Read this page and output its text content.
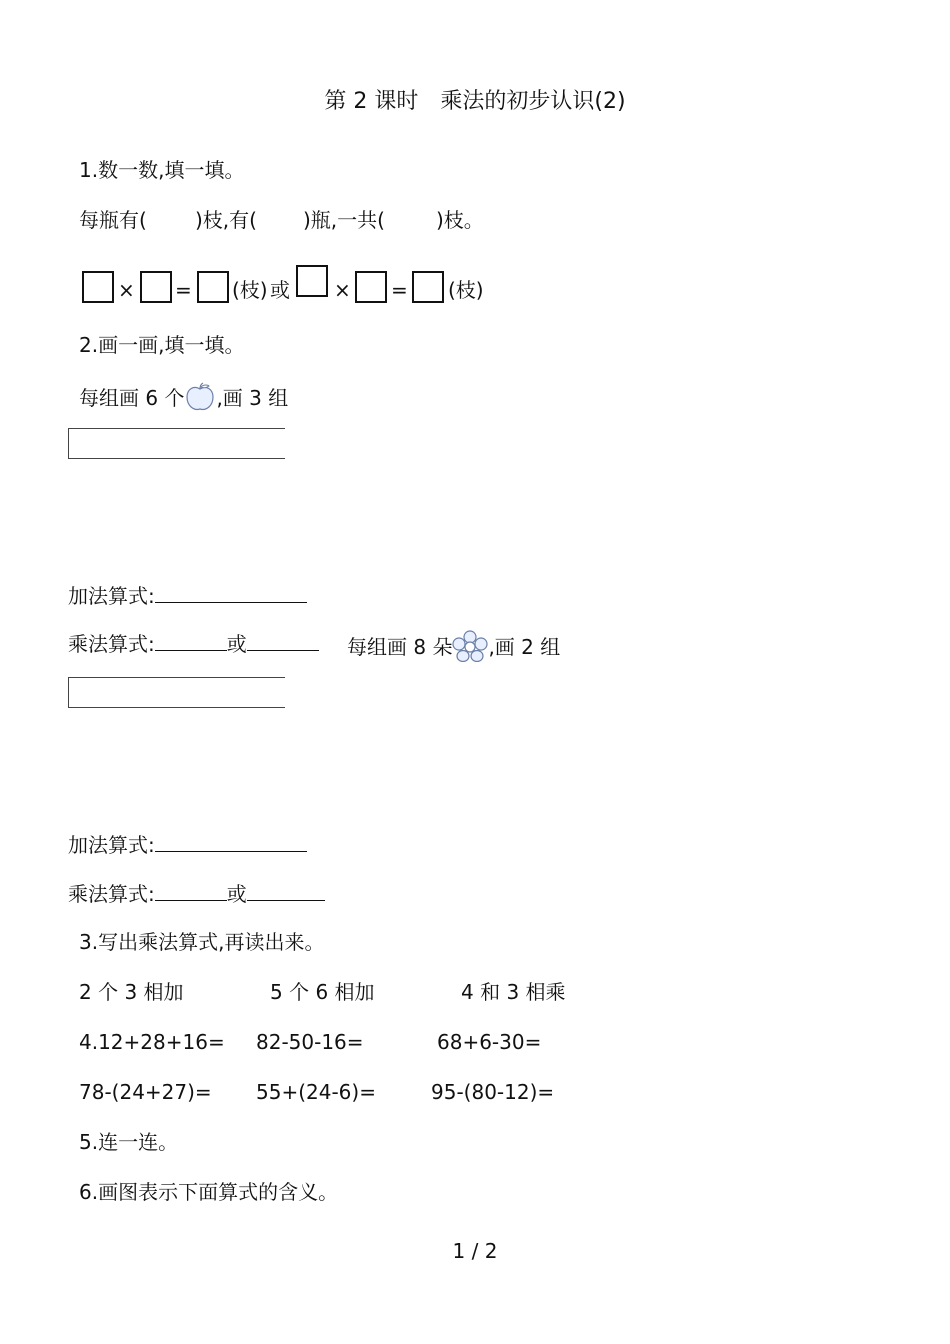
第 2 课时　乘法的初步认识(2)
1.数一数,填一填。
每瓶有( )枝,有( )瓶,一共(	)枝。
× = (枝) 或 × = (枝)
2.画一画,填一填。
每组画 6 个 ,画 3 组
加法算式:
乘法算式:	或	每组画 8 朵 ,画 2 组
加法算式:
乘法算式:	或
3.写出乘法算式,再读出来。
2 个 3 相加	5 个 6 相加	4 和 3 相乘
4.12+28+16= 82-50-16=	68+6-30=
78-(24+27)= 55+(24-6)=	95-(80-12)=
5.连一连。
6.画图表示下面算式的含义。
1 / 2
